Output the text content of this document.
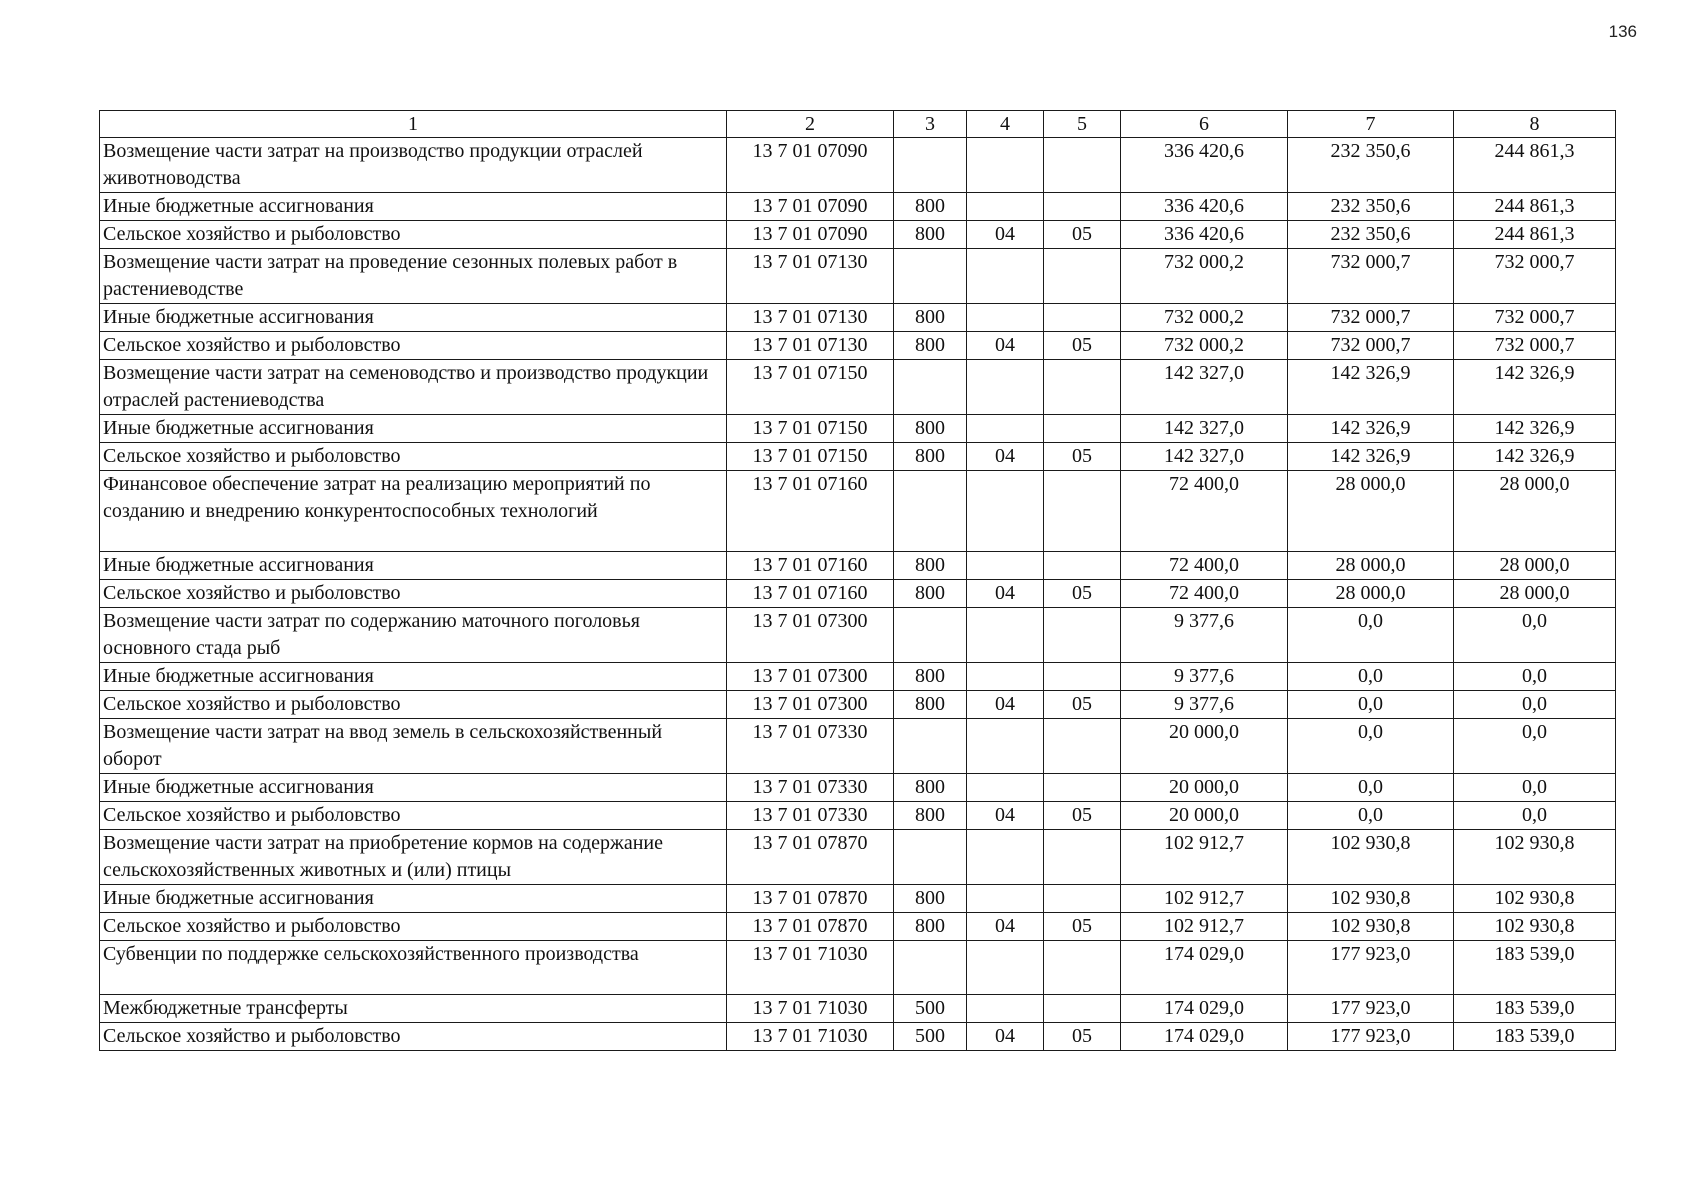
136
1	2	3	4	5	6	7	8
Возмещение части затрат на производство продукции отраслей животноводства	13 7 01 07090				336 420,6	232 350,6	244 861,3
Иные бюджетные ассигнования	13 7 01 07090	800			336 420,6	232 350,6	244 861,3
Сельское хозяйство и рыболовство	13 7 01 07090	800	04	05	336 420,6	232 350,6	244 861,3
Возмещение части затрат на проведение сезонных полевых работ в растениеводстве	13 7 01 07130				732 000,2	732 000,7	732 000,7
Иные бюджетные ассигнования	13 7 01 07130	800			732 000,2	732 000,7	732 000,7
Сельское хозяйство и рыболовство	13 7 01 07130	800	04	05	732 000,2	732 000,7	732 000,7
Возмещение части затрат на семеноводство и производство продукции отраслей растениеводства	13 7 01 07150				142 327,0	142 326,9	142 326,9
Иные бюджетные ассигнования	13 7 01 07150	800			142 327,0	142 326,9	142 326,9
Сельское хозяйство и рыболовство	13 7 01 07150	800	04	05	142 327,0	142 326,9	142 326,9
Финансовое обеспечение затрат на реализацию мероприятий по созданию и внедрению конкурентоспособных технологий	13 7 01 07160				72 400,0	28 000,0	28 000,0
Иные бюджетные ассигнования	13 7 01 07160	800			72 400,0	28 000,0	28 000,0
Сельское хозяйство и рыболовство	13 7 01 07160	800	04	05	72 400,0	28 000,0	28 000,0
Возмещение части затрат по содержанию маточного поголовья основного стада рыб	13 7 01 07300				9 377,6	0,0	0,0
Иные бюджетные ассигнования	13 7 01 07300	800			9 377,6	0,0	0,0
Сельское хозяйство и рыболовство	13 7 01 07300	800	04	05	9 377,6	0,0	0,0
Возмещение части затрат на ввод земель в сельскохозяйственный оборот	13 7 01 07330				20 000,0	0,0	0,0
Иные бюджетные ассигнования	13 7 01 07330	800			20 000,0	0,0	0,0
Сельское хозяйство и рыболовство	13 7 01 07330	800	04	05	20 000,0	0,0	0,0
Возмещение части затрат на приобретение кормов на содержание сельскохозяйственных животных и (или) птицы	13 7 01 07870				102 912,7	102 930,8	102 930,8
Иные бюджетные ассигнования	13 7 01 07870	800			102 912,7	102 930,8	102 930,8
Сельское хозяйство и рыболовство	13 7 01 07870	800	04	05	102 912,7	102 930,8	102 930,8
Субвенции по поддержке сельскохозяйственного производства	13 7 01 71030				174 029,0	177 923,0	183 539,0
Межбюджетные трансферты	13 7 01 71030	500			174 029,0	177 923,0	183 539,0
Сельское хозяйство и рыболовство	13 7 01 71030	500	04	05	174 029,0	177 923,0	183 539,0
